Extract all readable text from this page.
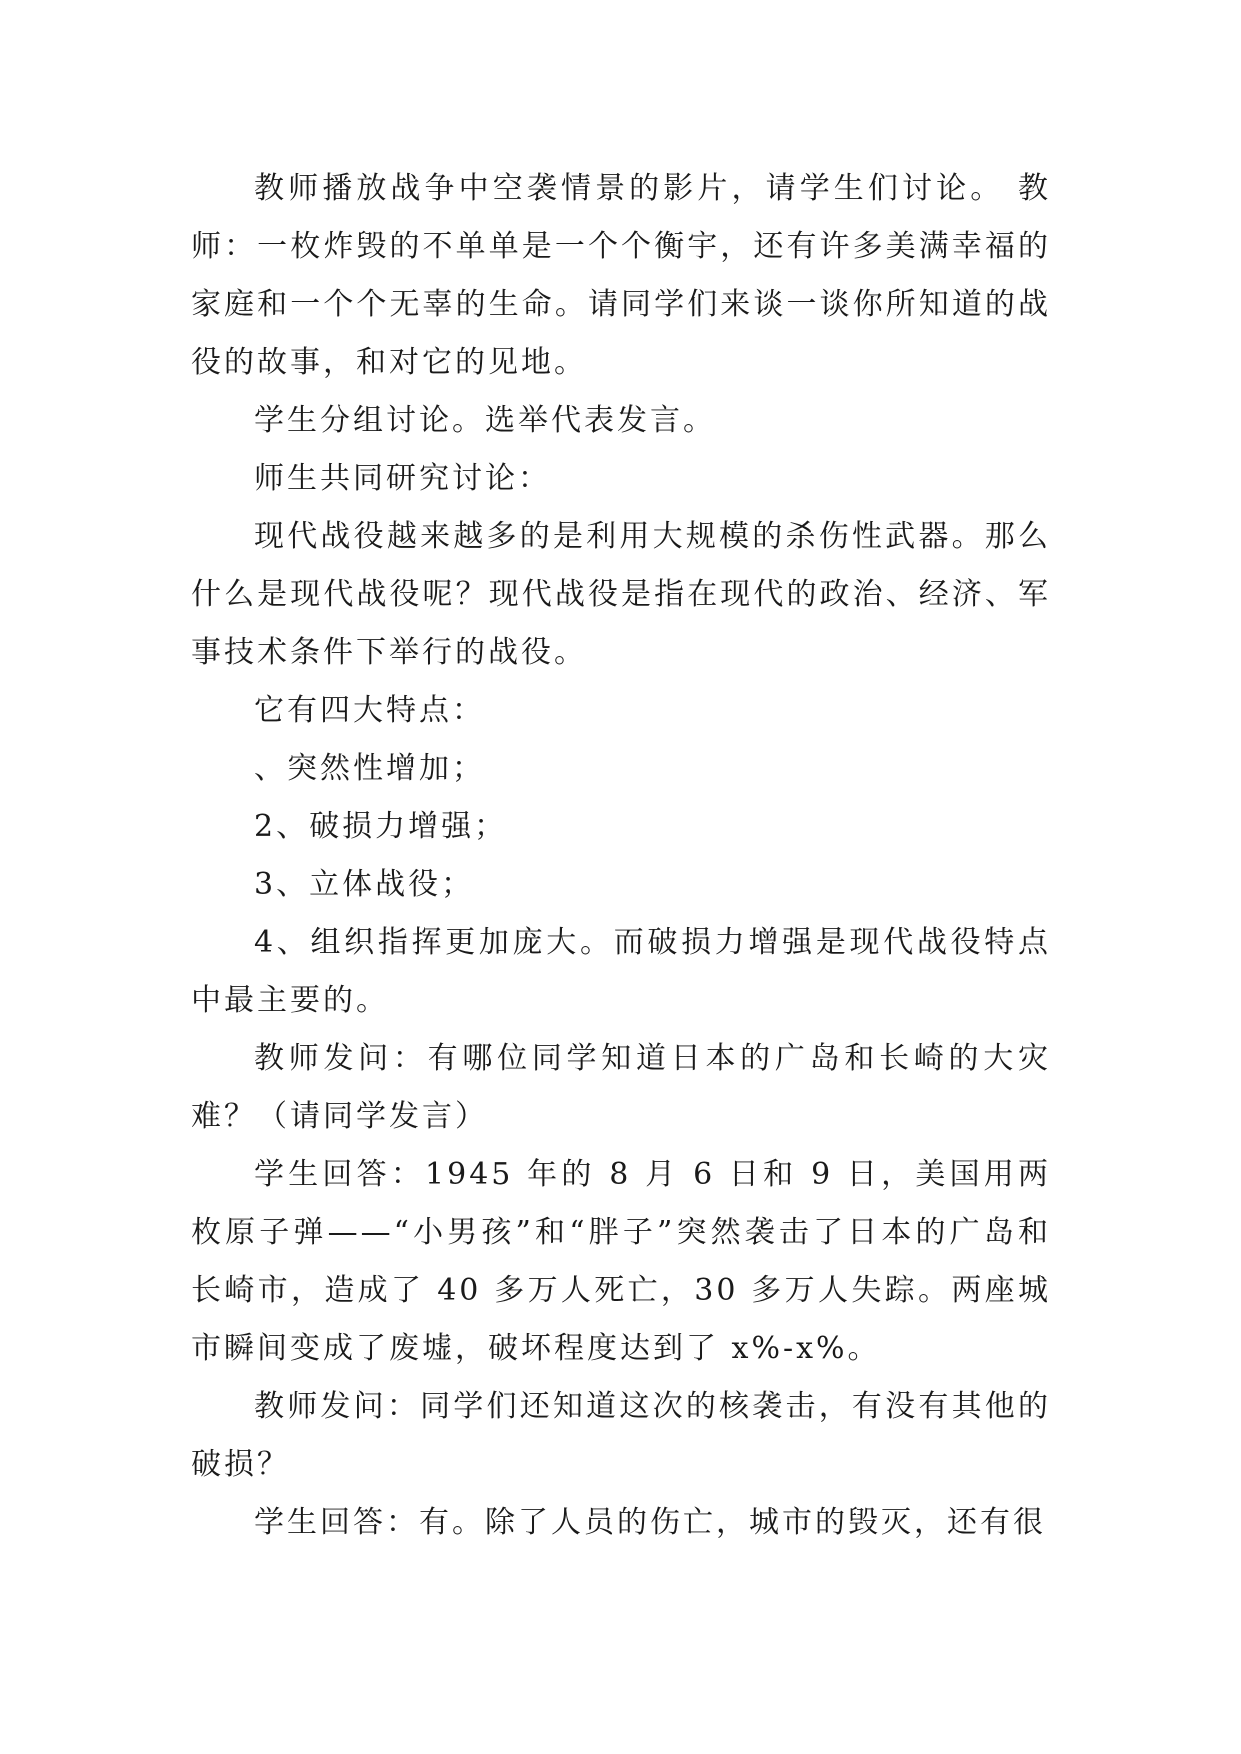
教师播放战争中空袭情景的影片，请学生们讨论。 教师：一枚炸毁的不单单是一个个衡宇，还有许多美满幸福的家庭和一个个无辜的生命。请同学们来谈一谈你所知道的战役的故事，和对它的见地。

学生分组讨论。选举代表发言。

师生共同研究讨论：

现代战役越来越多的是利用大规模的杀伤性武器。那么什么是现代战役呢？现代战役是指在现代的政治、经济、军事技术条件下举行的战役。

它有四大特点：

、突然性增加；

2、破损力增强；

3、立体战役；

4、组织指挥更加庞大。而破损力增强是现代战役特点中最主要的。

教师发问：有哪位同学知道日本的广岛和长崎的大灾难？（请同学发言）

学生回答：1945 年的 8 月 6 日和 9 日，美国用两枚原子弹——“小男孩”和“胖子”突然袭击了日本的广岛和长崎市，造成了 40 多万人死亡，30 多万人失踪。两座城市瞬间变成了废墟，破坏程度达到了 x%-x%。

教师发问：同学们还知道这次的核袭击，有没有其他的破损？

学生回答：有。除了人员的伤亡，城市的毁灭，还有很
